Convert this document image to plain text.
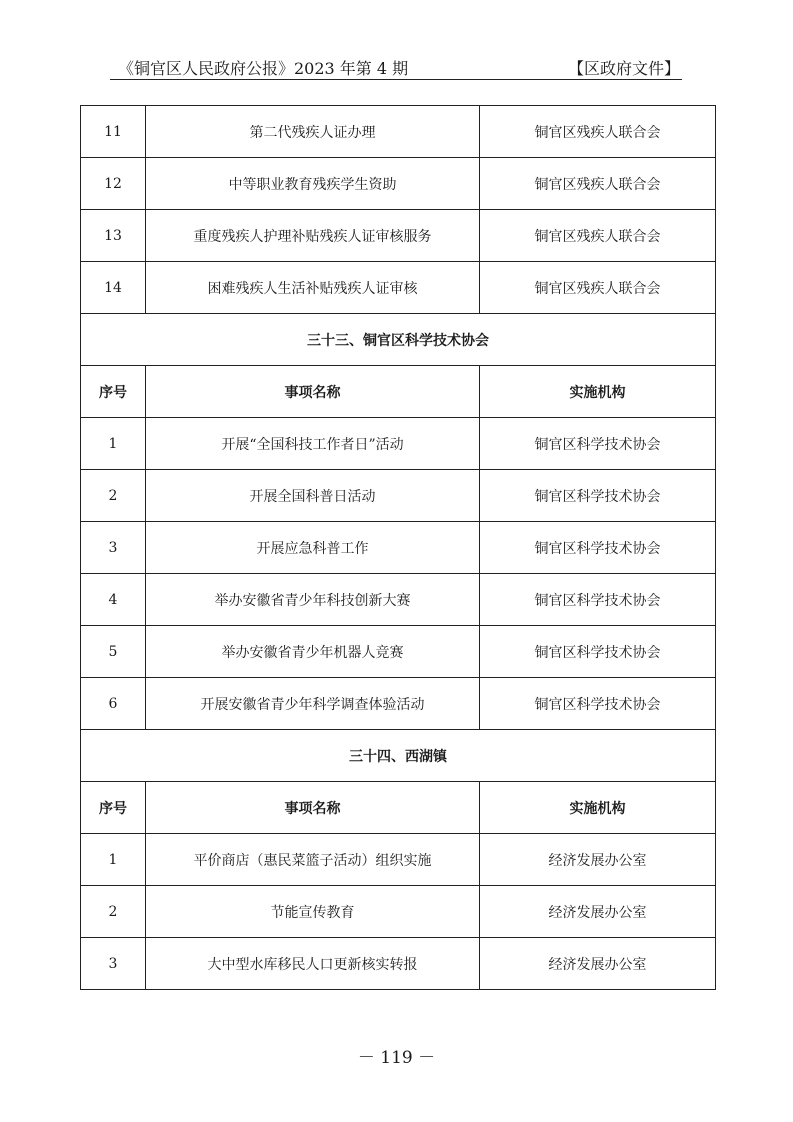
《铜官区人民政府公报》2023 年第 4 期	【区政府文件】
11	第二代残疾人证办理	铜官区残疾人联合会
12	中等职业教育残疾学生资助	铜官区残疾人联合会
13	重度残疾人护理补贴残疾人证审核服务	铜官区残疾人联合会
14	困难残疾人生活补贴残疾人证审核	铜官区残疾人联合会
三十三、铜官区科学技术协会		
序号	事项名称	实施机构
1	开展“全国科技工作者日”活动	铜官区科学技术协会
2	开展全国科普日活动	铜官区科学技术协会
3	开展应急科普工作	铜官区科学技术协会
4	举办安徽省青少年科技创新大赛	铜官区科学技术协会
5	举办安徽省青少年机器人竞赛	铜官区科学技术协会
6	开展安徽省青少年科学调查体验活动	铜官区科学技术协会
三十四、西湖镇		
序号	事项名称	实施机构
1	平价商店（惠民菜篮子活动）组织实施	经济发展办公室
2	节能宣传教育	经济发展办公室
3	大中型水库移民人口更新核实转报	经济发展办公室
－ 119 －
